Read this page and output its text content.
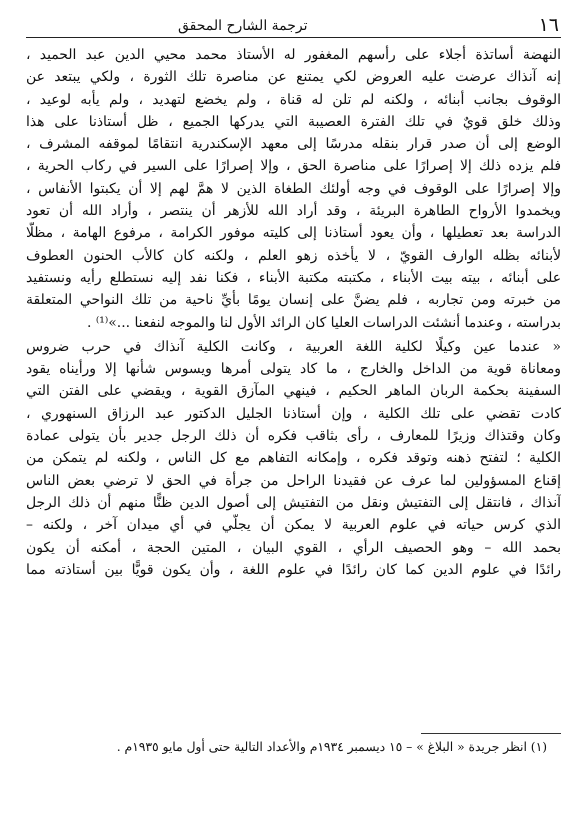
١٦
ترجمة الشارح المحقق
النهضة أساتذة أجلاء على رأسهم المغفور له الأستاذ محمد محيي الدين عبد الحميد ،
إنه آنذاك عرضت عليه العروض لكي يمتنع عن مناصرة تلك الثورة ، ولكي يبتعد عن
الوقوف بجانب أبنائه ، ولكنه لم تلن له قناة ، ولم يخضع لتهديد ، ولم يأبه لوعيد ،
وذلك خلق قويٌ في تلك الفترة العصيبة التي يدركها الجميع ، ظل أستاذنا على هذا
الوضع إلى أن صدر قرار بنقله مدرسًا إلى معهد الإسكندرية انتقامًا لموقفه المشرف ،
فلم يزده ذلك إلا إصرارًا على مناصرة الحق ، وإلا إصرارًا على السير في ركاب الحرية ،
وإلا إصرارًا على الوقوف في وجه أولئك الطغاة الذين لا همَّ لهم إلا أن يكبتوا الأنفاس ،
ويخمدوا الأرواح الطاهرة البريئة ، وقد أراد الله للأزهر أن ينتصر ، وأراد الله أن تعود
الدراسة بعد تعطيلها ، وأن يعود أستاذنا إلى كليته موفور الكرامة ، مرفوع الهامة ، مظلًّا
لأبنائه بظله الوارف القويّ ، لا يأخذه زهو العلم ، ولكنه كان كالأب الحنون العطوف
على أبنائه ، بيته بيت الأبناء ، مكتبته مكتبة الأبناء ، فكنا نفد إليه نستطلع رأيه ونستفيد
من خبرته ومن تجاربه ، فلم يضنَّ على إنسان يومًا بأيِّ ناحية من تلك النواحي المتعلقة
بدراسته ، وعندما أنشئت الدراسات العليا كان الرائد الأول لنا والموجه لنفعنا ...»⁽¹⁾ .
« عندما عين وكيلًا لكلية اللغة العربية ، وكانت الكلية آنذاك في حرب ضروس
ومعاناة قوية من الداخل والخارج ، ما كاد يتولى أمرها ويسوس شأنها إلا ورأيناه يقود
السفينة بحكمة الربان الماهر الحكيم ، فينهي المآزق القوية ، ويقضي على الفتن التي
كادت تقضي على تلك الكلية ، وإن أستاذنا الجليل الدكتور عبد الرزاق السنهوري ،
وكان وقتذاك وزيرًا للمعارف ، رأى بثاقب فكره أن ذلك الرجل جدير بأن يتولى عمادة
الكلية ؛ لتفتح ذهنه وتوقد فكره ، وإمكانه التفاهم مع كل الناس ، ولكنه لم يتمكن من
إقناع المسؤولين لما عرف عن فقيدنا الراحل من جرأة في الحق لا ترضي بعض الناس
آنذاك ، فانتقل إلى التفتيش ونقل من التفتيش إلى أصول الدين ظنًّا منهم أن ذلك الرجل
الذي كرس حياته في علوم العربية لا يمكن أن يجلّي في أي ميدان آخر ، ولكنه –
بحمد الله – وهو الحصيف الرأي ، القوي البيان ، المتين الحجة ، أمكنه أن يكون
رائدًا في علوم الدين كما كان رائدًا في علوم اللغة ، وأن يكون قويًّا بين أستاذته مما
(١) انظر جريدة « البلاغ » – ١٥ ديسمبر ١٩٣٤م والأعداد التالية حتى أول مايو ١٩٣٥م .
